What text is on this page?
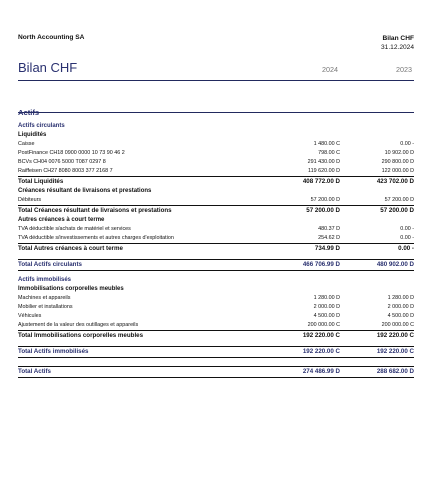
North Accounting SA	Bilan CHF
31.12.2024
Bilan CHF	2024	2023
Actifs
Actifs circulants
Liquidités
Caisse	1 480.00 C	0.00 -
PostFinance CH18 0900 0000 10 73 90 46 2	798.00 C	10 902.00 D
BCVs CH04 0076 5000 T087 0297 8	291 430.00 D	290 800.00 D
Raiffeisen CH27 8080 8003 377 2168 7	119 620.00 D	122 000.00 D
Total Liquidités	408 772.00 D	423 702.00 D
Créances résultant de livraisons et prestations
Débiteurs	57 200.00 D	57 200.00 D
Total Créances résultant de livraisons et prestations	57 200.00 D	57 200.00 D
Autres créances à court terme
TVA déductible s/achats de matériel et services	480.37 D	0.00 -
TVA déductible s/investissements et autres charges d'exploitation	254.62 D	0.00 -
Total Autres créances à court terme	734.99 D	0.00 -
Total Actifs circulants	466 706.99 D	480 902.00 D
Actifs immobilisés
Immobilisations corporelles meubles
Machines et appareils	1 280.00 D	1 280.00 D
Mobilier et installations	2 000.00 D	2 000.00 D
Véhicules	4 500.00 D	4 500.00 D
Ajustement de la valeur des outillages et appareils	200 000.00 C	200 000.00 C
Total Immobilisations corporelles meubles	192 220.00 C	192 220.00 C
Total Actifs immobilisés	192 220.00 C	192 220.00 C
Total Actifs	274 486.99 D	288 682.00 D
